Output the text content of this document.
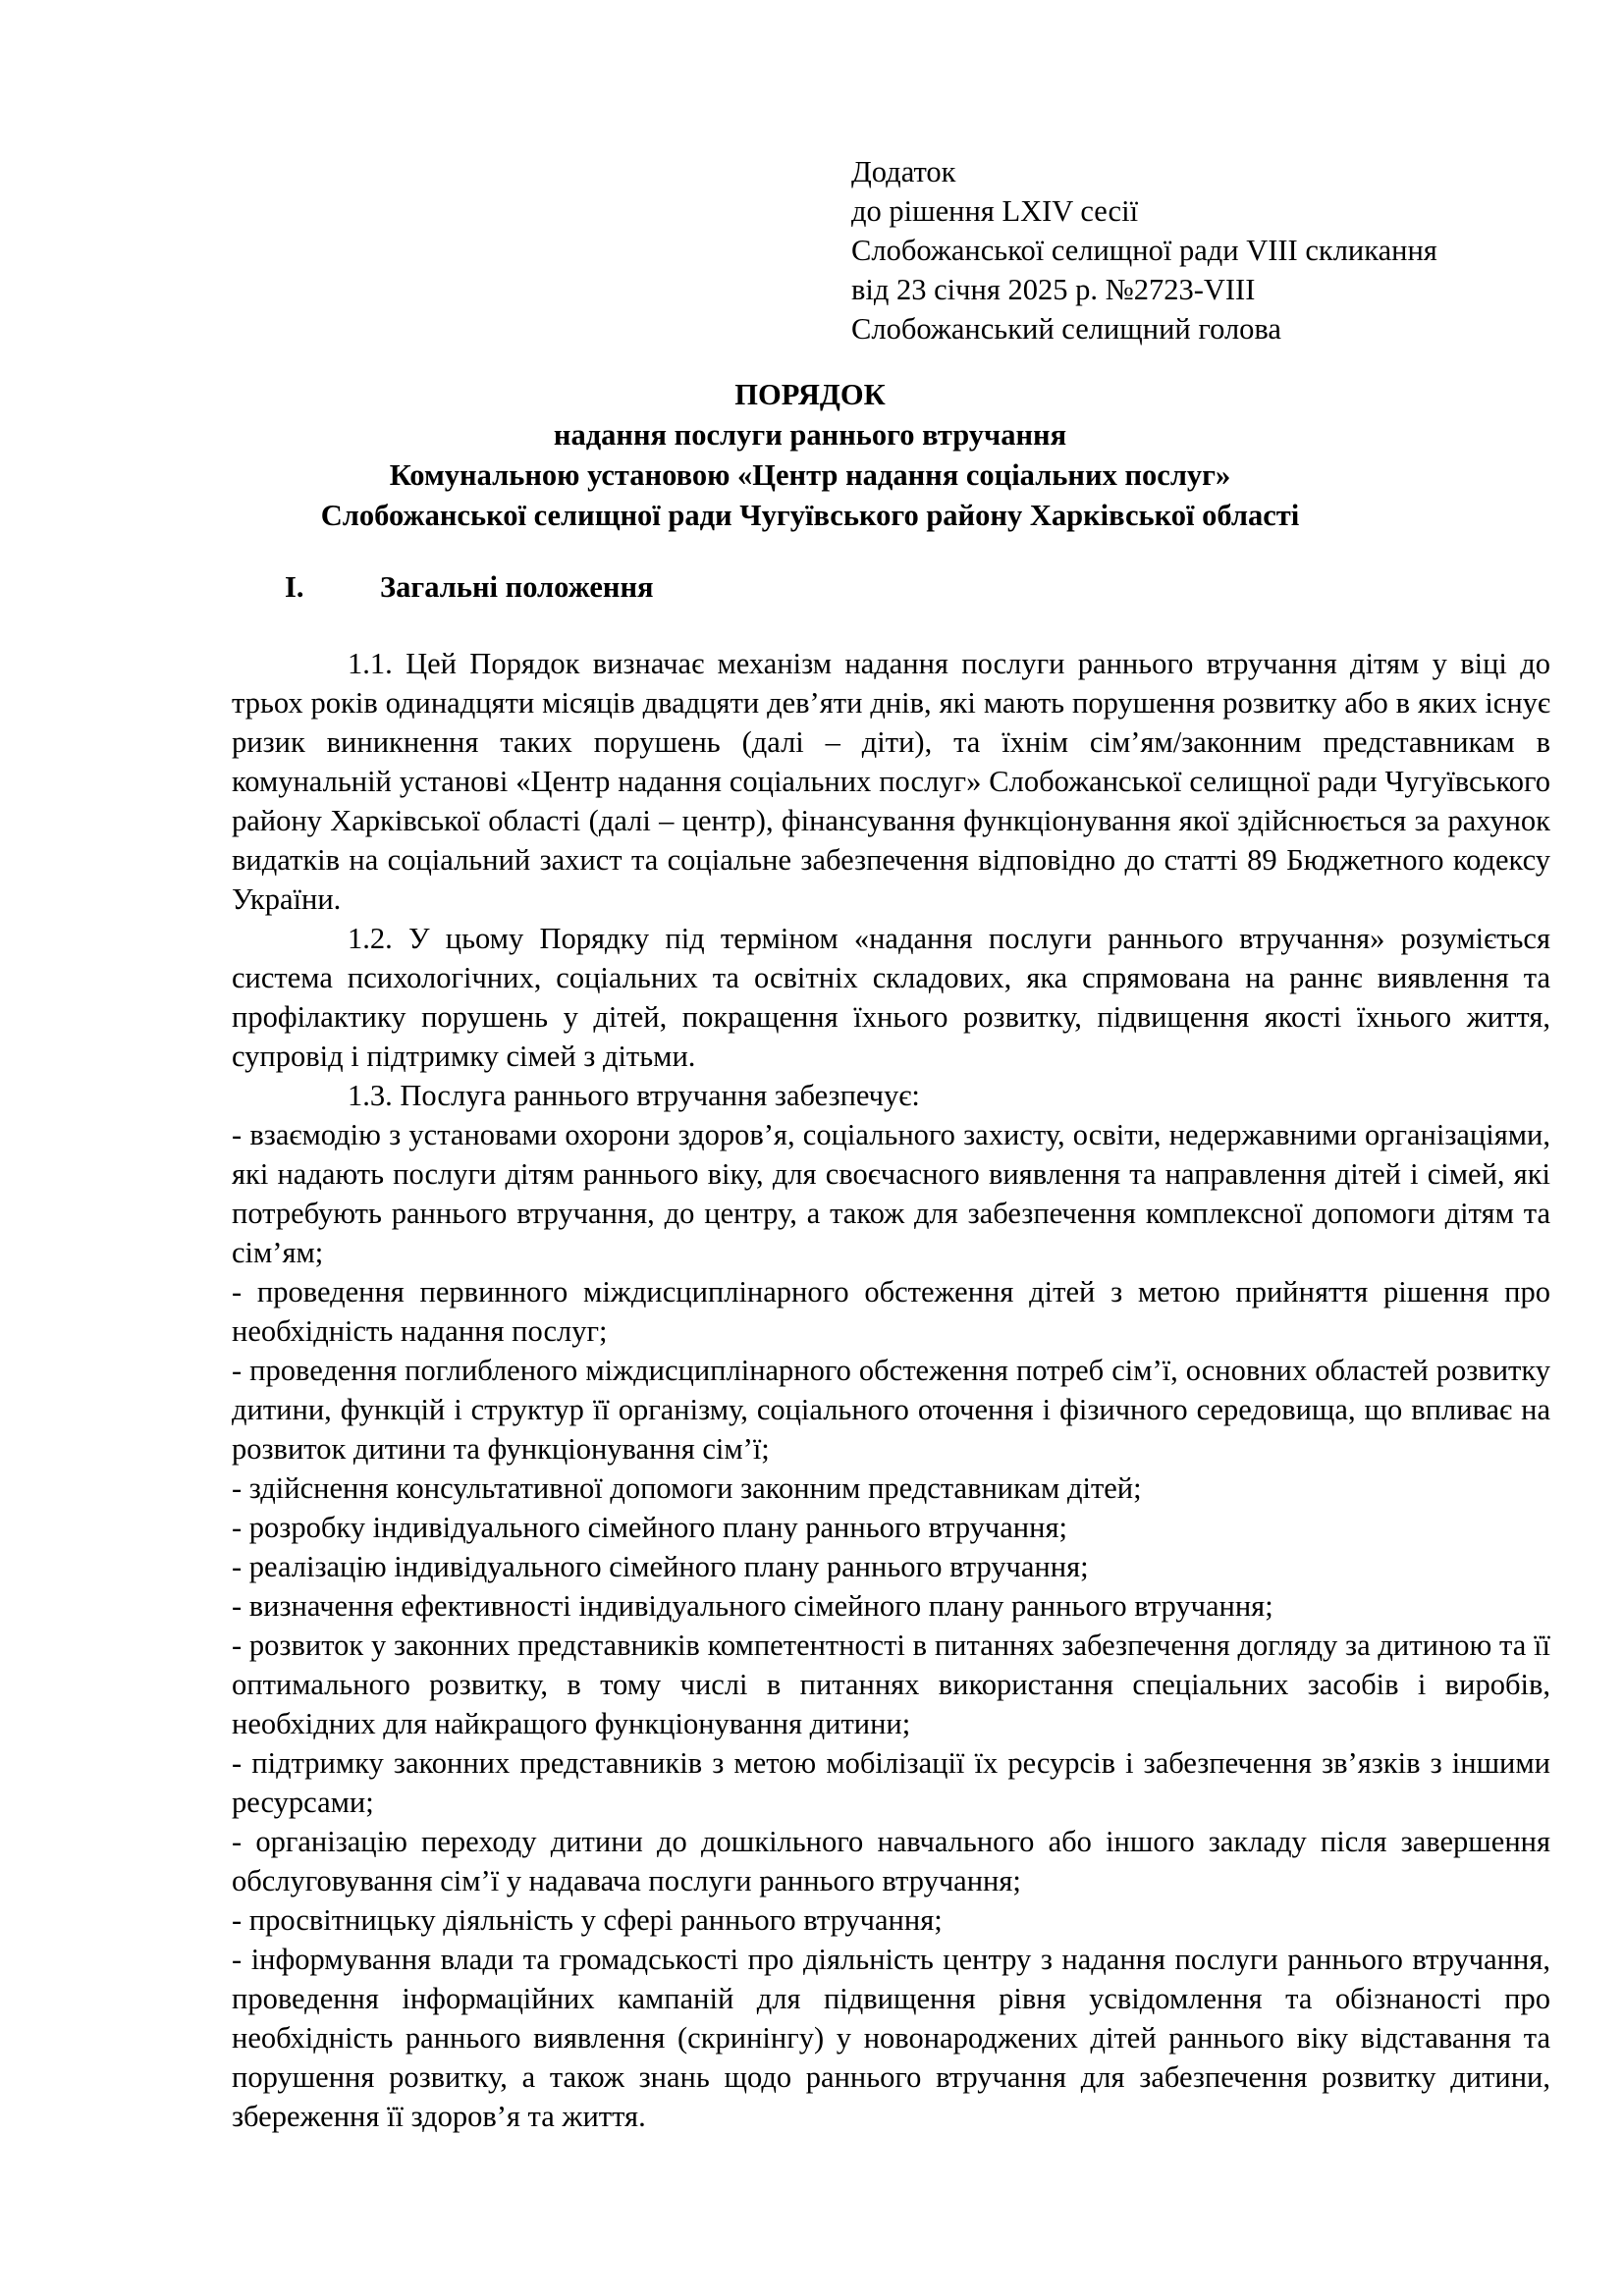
Додаток
до рішення LXIV сесії
Слобожанської селищної ради VIII скликання
від 23 січня 2025 р. №2723-VIII
Слобожанський селищний голова
ПОРЯДОК
надання послуги раннього втручання
Комунальною установою «Центр надання соціальних послуг»
Слобожанської селищної ради Чугуївського району Харківської області
I.	Загальні положення

1.1. Цей Порядок визначає механізм надання послуги раннього втручання дітям у віці до трьох років одинадцяти місяців двадцяти дев’яти днів, які мають порушення розвитку або в яких існує ризик виникнення таких порушень (далі – діти), та їхнім сім’ям/законним представникам в комунальній установі «Центр надання соціальних послуг» Слобожанської селищної ради Чугуївського району Харківської області (далі – центр), фінансування функціонування якої здійснюється за рахунок видатків на соціальний захист та соціальне забезпечення відповідно до статті 89 Бюджетного кодексу України.

1.2. У цьому Порядку під терміном «надання послуги раннього втручання» розуміється система психологічних, соціальних та освітніх складових, яка спрямована на раннє виявлення та профілактику порушень у дітей, покращення їхнього розвитку, підвищення якості їхнього життя, супровід і підтримку сімей з дітьми.

1.3. Послуга раннього втручання забезпечує:

- взаємодію з установами охорони здоров’я, соціального захисту, освіти, недержавними організаціями, які надають послуги дітям раннього віку, для своєчасного виявлення та направлення дітей і сімей, які потребують раннього втручання, до центру, а також для забезпечення комплексної допомоги дітям та сім’ям;

- проведення первинного міждисциплінарного обстеження дітей з метою прийняття рішення про необхідність надання послуг;

- проведення поглибленого міждисциплінарного обстеження потреб сім’ї, основних областей розвитку дитини, функцій і структур її організму, соціального оточення і фізичного середовища, що впливає на розвиток дитини та функціонування сім’ї;

- здійснення консультативної допомоги законним представникам дітей;

- розробку індивідуального сімейного плану раннього втручання;

- реалізацію індивідуального сімейного плану раннього втручання;

- визначення ефективності індивідуального сімейного плану раннього втручання;

- розвиток у законних представників компетентності в питаннях забезпечення догляду за дитиною та її оптимального розвитку, в тому числі в питаннях використання спеціальних засобів і виробів, необхідних для найкращого функціонування дитини;

- підтримку законних представників з метою мобілізації їх ресурсів і забезпечення зв’язків з іншими ресурсами;

- організацію переходу дитини до дошкільного навчального або іншого закладу після завершення обслуговування сім’ї у надавача послуги раннього втручання;

- просвітницьку діяльність у сфері раннього втручання;

- інформування влади та громадськості про діяльність центру з надання послуги раннього втручання, проведення інформаційних кампаній для підвищення рівня усвідомлення та обізнаності про необхідність раннього виявлення (скринінгу) у новонароджених дітей раннього віку відставання та порушення розвитку, а також знань щодо раннього втручання для забезпечення розвитку дитини, збереження її здоров’я та життя.
